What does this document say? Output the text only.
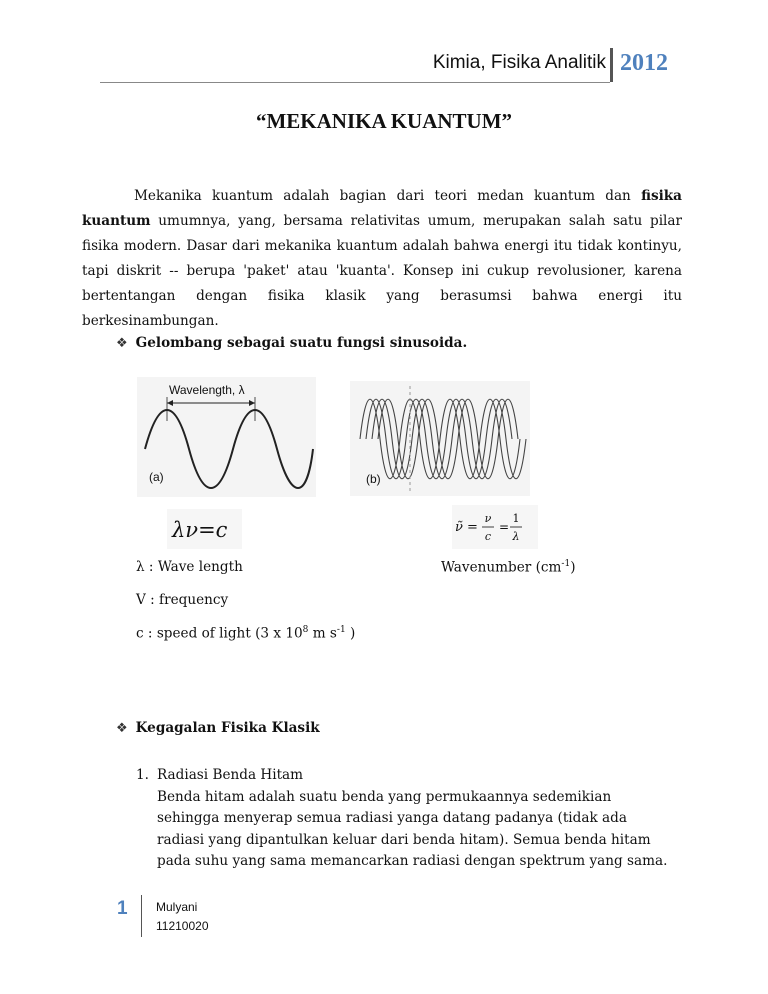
Kimia, Fisika Analitik 2012
“MEKANIKA KUANTUM”

Mekanika kuantum adalah bagian dari teori medan kuantum dan fisika kuantum umumnya, yang, bersama relativitas umum, merupakan salah satu pilar fisika modern. Dasar dari mekanika kuantum adalah bahwa energi itu tidak kontinyu, tapi diskrit -- berupa 'paket' atau 'kuanta'. Konsep ini cukup revolusioner, karena bertentangan dengan fisika klasik yang berasumsi bahwa energi itu berkesinambungan.

❖ Gelombang sebagai suatu fungsi sinusoida.
Wavelength, λ
(a)	(b)
λν=c	ν̃ =
ν
c
=
1
λ
λ : Wave length	Wavenumber $(cm^{-1})$
V : frequency
c : speed of light (3 x $10^8$ m $s^{-1}$ )
❖ Kegagalan Fisika Klasik
1. Radiasi Benda Hitam
Benda hitam adalah suatu benda yang permukaannya sedemikian sehingga menyerap semua radiasi yanga datang padanya (tidak ada radiasi yang dipantulkan keluar dari benda hitam). Semua benda hitam pada suhu yang sama memancarkan radiasi dengan spektrum yang sama.
1 Mulyani
11210020
